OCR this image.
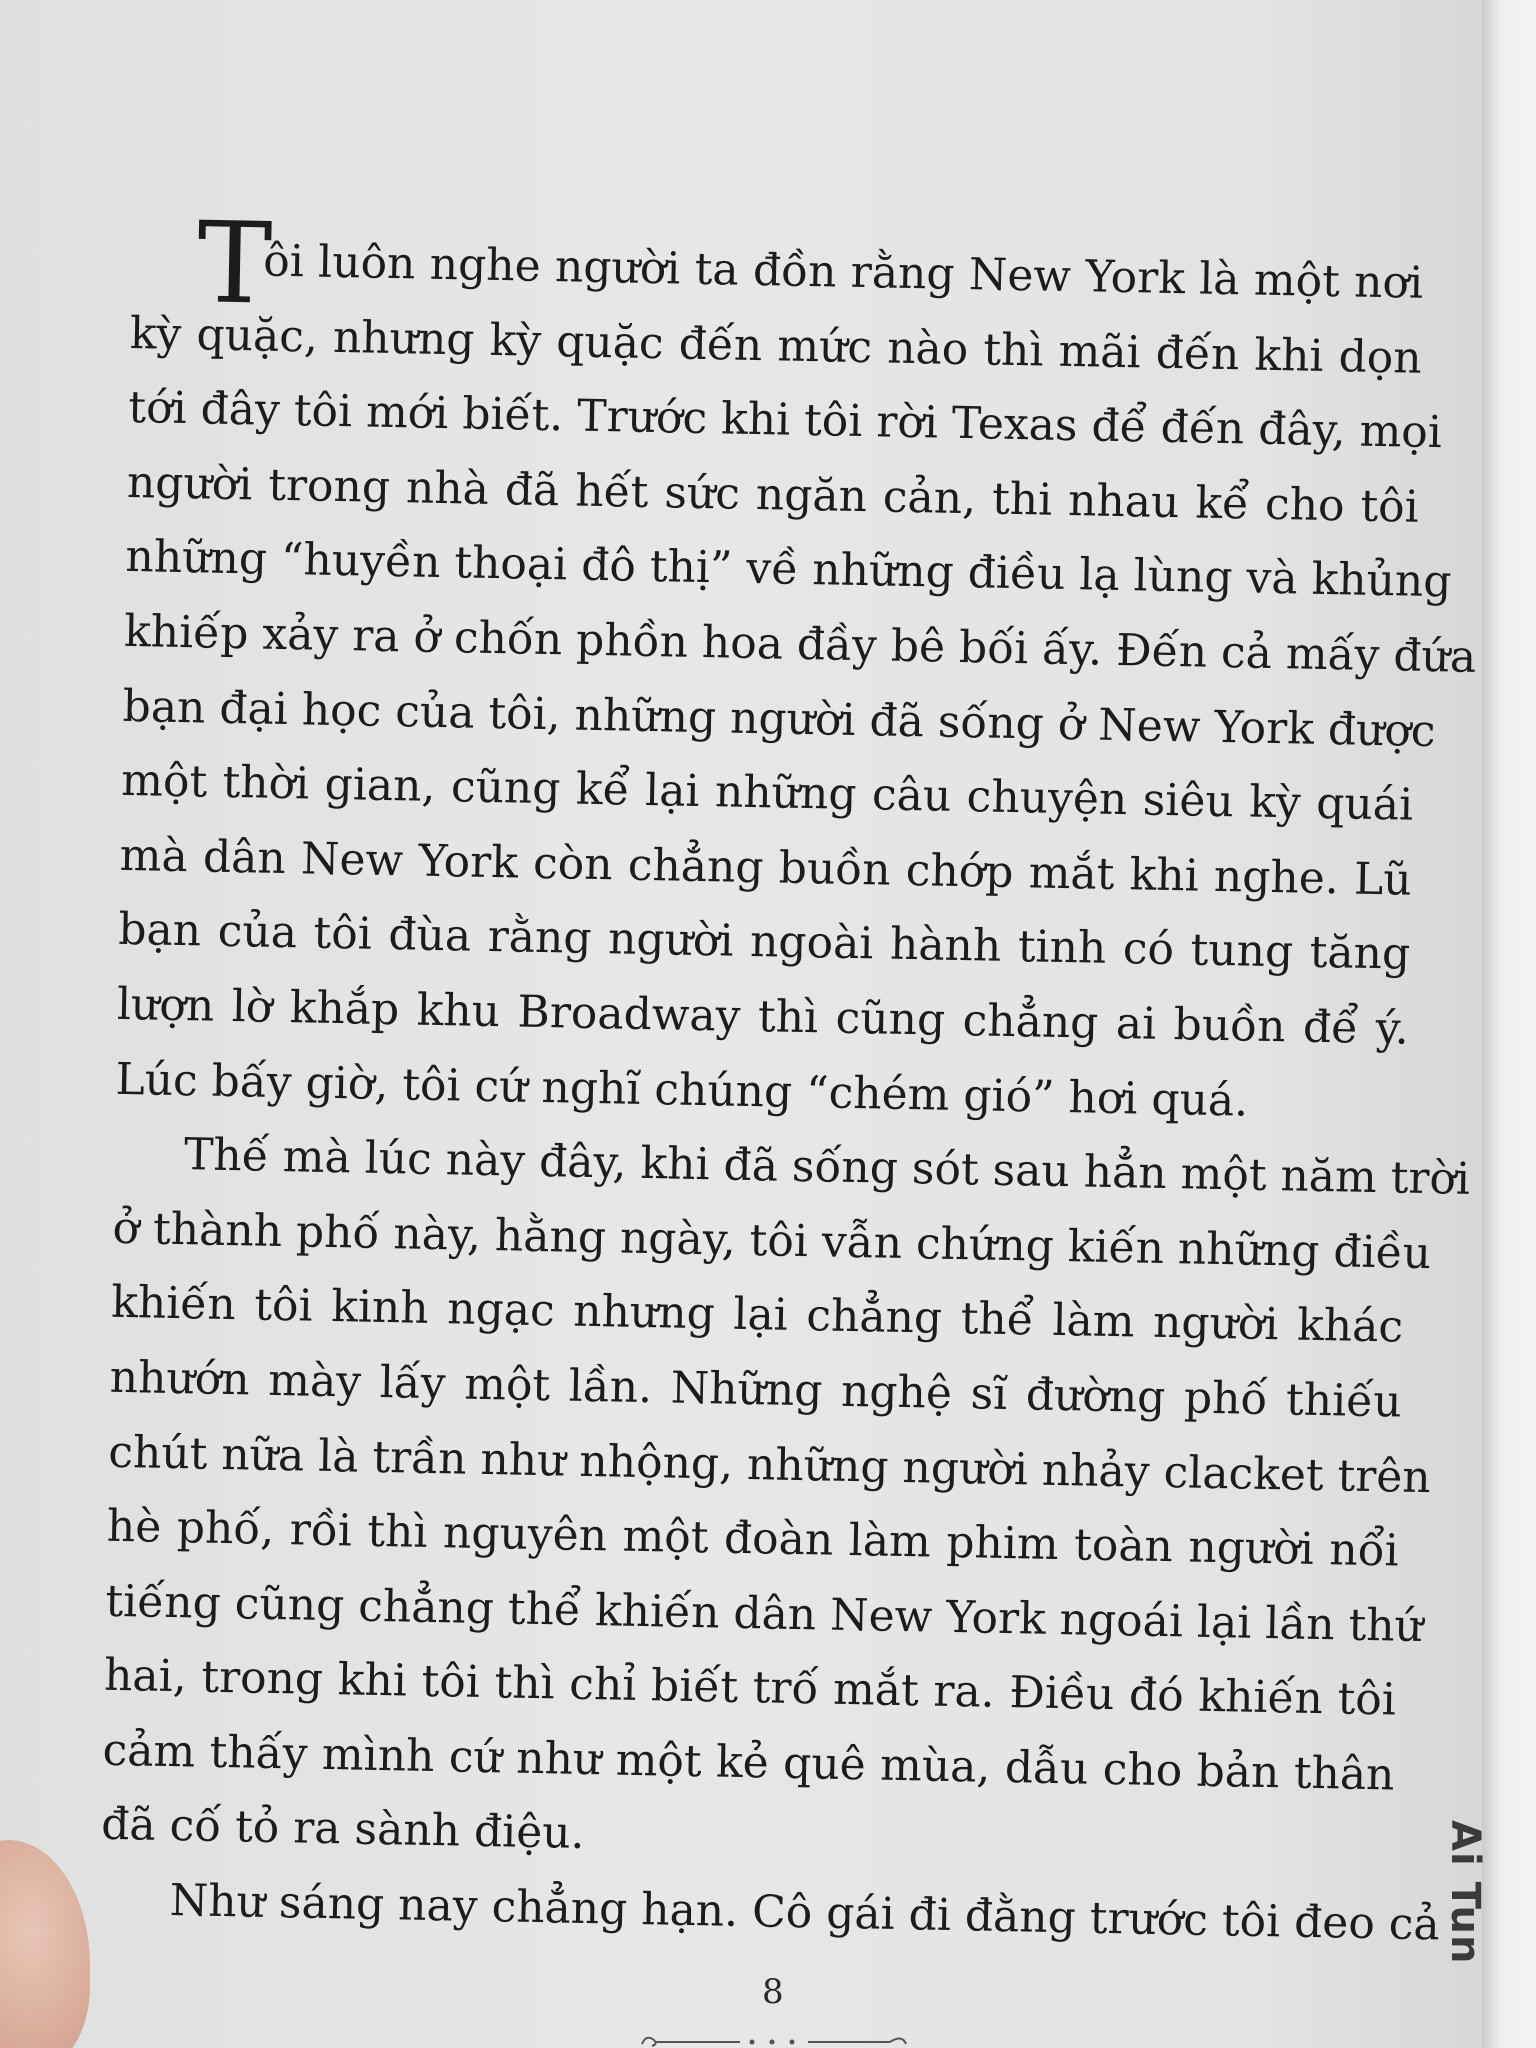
T
ôi luôn nghe người ta đồn rằng New York là một nơi
kỳ quặc, nhưng kỳ quặc đến mức nào thì mãi đến khi dọn
tới đây tôi mới biết. Trước khi tôi rời Texas để đến đây, mọi
người trong nhà đã hết sức ngăn cản, thi nhau kể cho tôi
những “huyền thoại đô thị” về những điều lạ lùng và khủng
khiếp xảy ra ở chốn phồn hoa đầy bê bối ấy. Đến cả mấy đứa
bạn đại học của tôi, những người đã sống ở New York được
một thời gian, cũng kể lại những câu chuyện siêu kỳ quái
mà dân New York còn chẳng buồn chớp mắt khi nghe. Lũ
bạn của tôi đùa rằng người ngoài hành tinh có tung tăng
lượn lờ khắp khu Broadway thì cũng chẳng ai buồn để ý.
Lúc bấy giờ, tôi cứ nghĩ chúng “chém gió” hơi quá.
Thế mà lúc này đây, khi đã sống sót sau hẳn một năm trời
ở thành phố này, hằng ngày, tôi vẫn chứng kiến những điều
khiến tôi kinh ngạc nhưng lại chẳng thể làm người khác
nhướn mày lấy một lần. Những nghệ sĩ đường phố thiếu
chút nữa là trần như nhộng, những người nhảy clacket trên
hè phố, rồi thì nguyên một đoàn làm phim toàn người nổi
tiếng cũng chẳng thể khiến dân New York ngoái lại lần thứ
hai, trong khi tôi thì chỉ biết trố mắt ra. Điều đó khiến tôi
cảm thấy mình cứ như một kẻ quê mùa, dẫu cho bản thân
đã cố tỏ ra sành điệu.
Như sáng nay chẳng hạn. Cô gái đi đằng trước tôi đeo cả
8
Ai Tun
